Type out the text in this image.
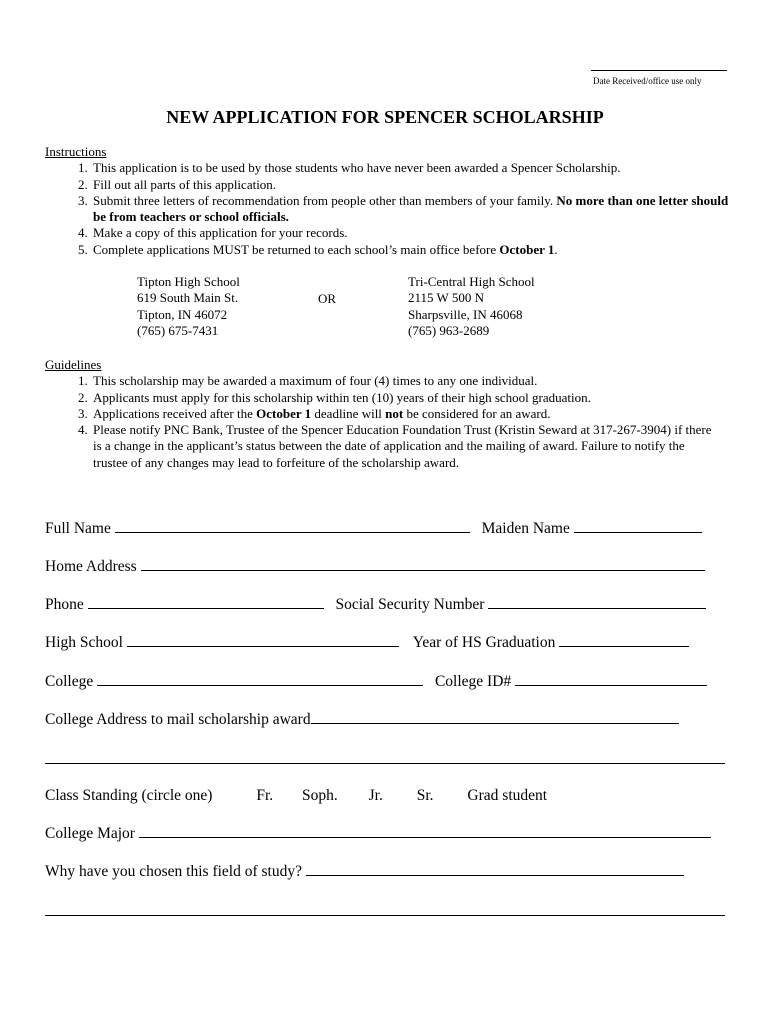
Date Received/office use only
NEW APPLICATION FOR SPENCER SCHOLARSHIP
Instructions
1. This application is to be used by those students who have never been awarded a Spencer Scholarship.
2. Fill out all parts of this application.
3. Submit three letters of recommendation from people other than members of your family. No more than one letter should be from teachers or school officials.
4. Make a copy of this application for your records.
5. Complete applications MUST be returned to each school’s main office before October 1.
Tipton High School
619 South Main St.
Tipton, IN 46072
(765) 675-7431
OR
Tri-Central High School
2115 W 500 N
Sharpsville, IN 46068
(765) 963-2689
Guidelines
1. This scholarship may be awarded a maximum of four (4) times to any one individual.
2. Applicants must apply for this scholarship within ten (10) years of their high school graduation.
3. Applications received after the October 1 deadline will not be considered for an award.
4. Please notify PNC Bank, Trustee of the Spencer Education Foundation Trust (Kristin Seward at 317-267-3904) if there is a change in the applicant’s status between the date of application and the mailing of award. Failure to notify the trustee of any changes may lead to forfeiture of the scholarship award.
Full Name	Maiden Name
Home Address
Phone	Social Security Number
High School	Year of HS Graduation
College	College ID#
College Address to mail scholarship award
Class Standing (circle one)	Fr. Soph. Jr. Sr. Grad student
College Major
Why have you chosen this field of study?
